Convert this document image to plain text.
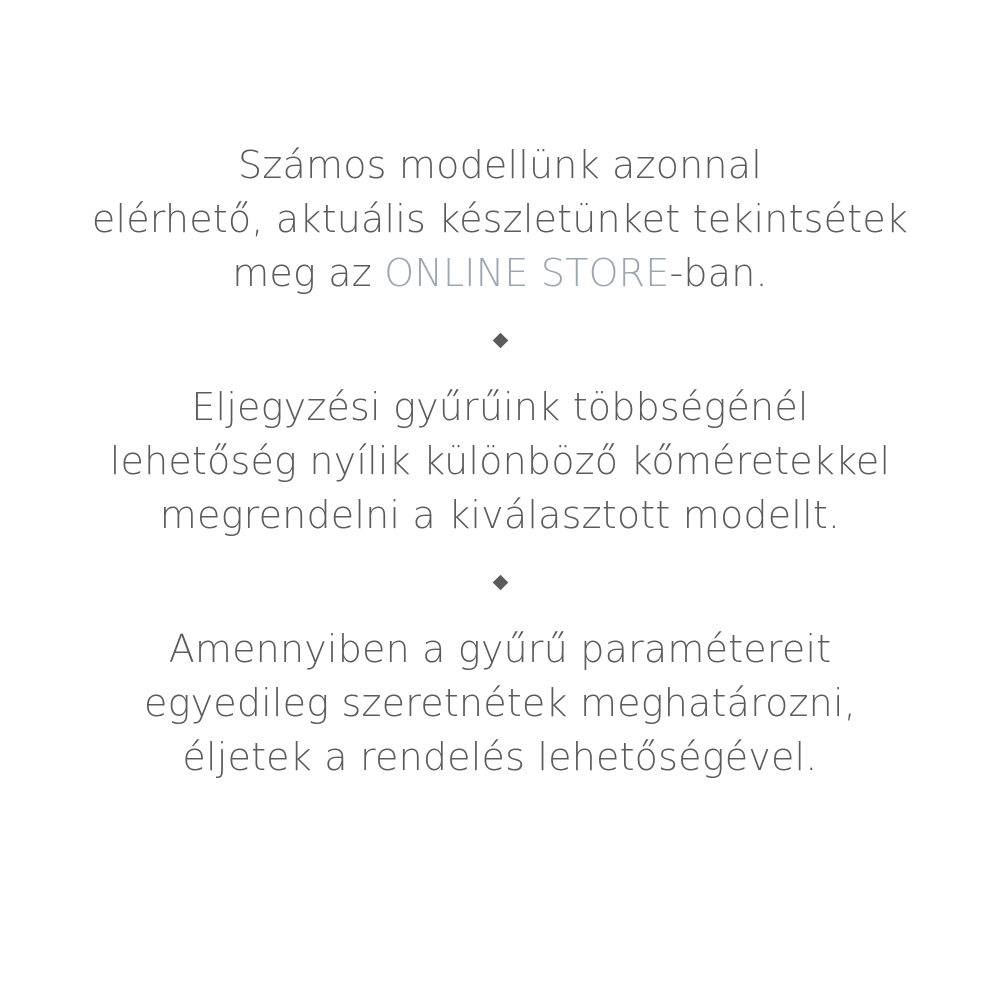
Számos modellünk azonnal
elérhető, aktuális készletünket tekintsétek
meg az ONLINE STORE-ban.

Eljegyzési gyűrűink többségénél
lehetőség nyílik különböző kőméretekkel
megrendelni a kiválasztott modellt.

Amennyiben a gyűrű paramétereit
egyedileg szeretnétek meghatározni,
éljetek a rendelés lehetőségével.
